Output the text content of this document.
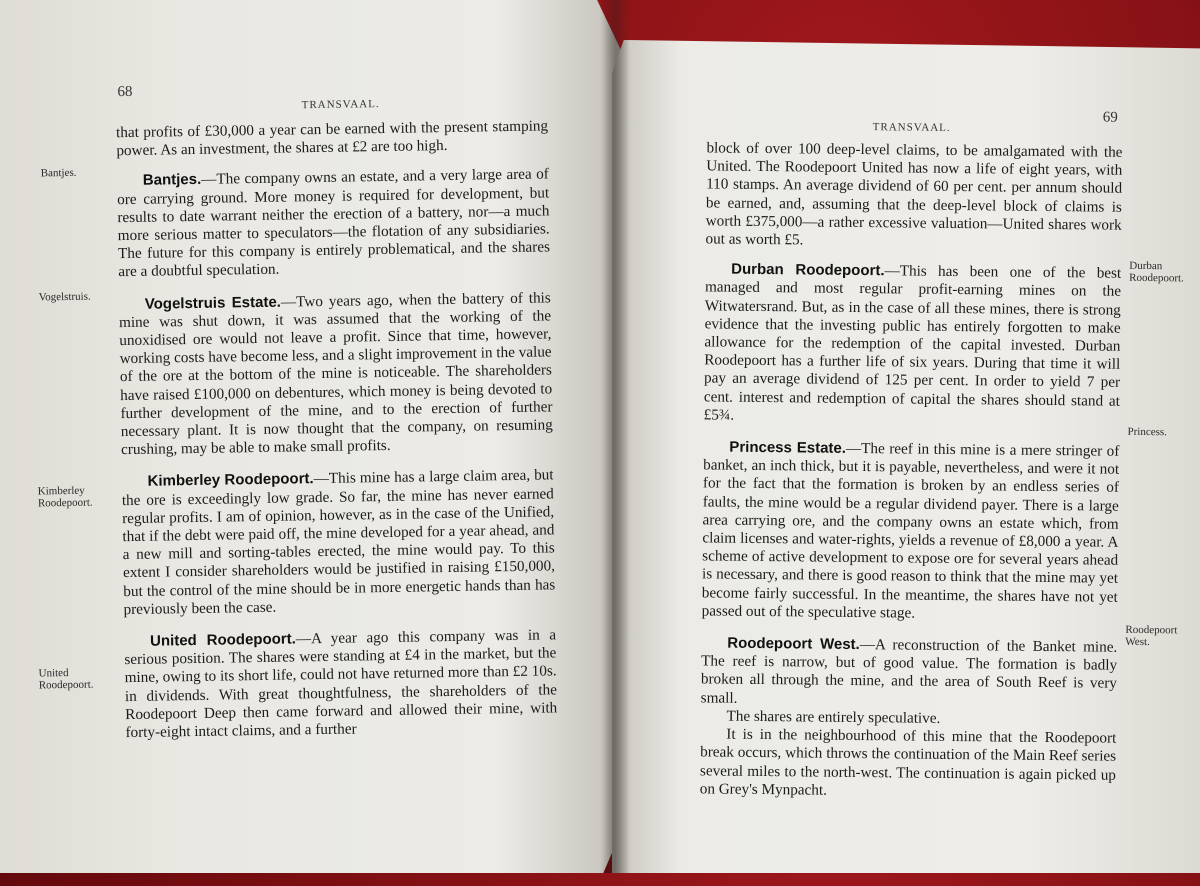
68
TRANSVAAL.
Bantjes.
Vogelstruis.
Kimberley Roodepoort.
United Roodepoort.

that profits of £30,000 a year can be earned with the present stamping power. As an investment, the shares at £2 are too high.

Bantjes.—The company owns an estate, and a very large area of ore carrying ground. More money is required for development, but results to date warrant neither the erection of a battery, nor—a much more serious matter to speculators—the flotation of any subsidiaries. The future for this company is entirely problematical, and the shares are a doubtful speculation.

Vogelstruis Estate.—Two years ago, when the battery of this mine was shut down, it was assumed that the working of the unoxidised ore would not leave a profit. Since that time, however, working costs have become less, and a slight improvement in the value of the ore at the bottom of the mine is noticeable. The shareholders have raised £100,000 on debentures, which money is being devoted to further development of the mine, and to the erection of further necessary plant. It is now thought that the company, on resuming crushing, may be able to make small profits.

Kimberley Roodepoort.—This mine has a large claim area, but the ore is exceedingly low grade. So far, the mine has never earned regular profits. I am of opinion, however, as in the case of the Unified, that if the debt were paid off, the mine developed for a year ahead, and a new mill and sorting-tables erected, the mine would pay. To this extent I consider shareholders would be justified in raising £150,000, but the control of the mine should be in more energetic hands than has previously been the case.

United Roodepoort.—A year ago this company was in a serious position. The shares were standing at £4 in the market, but the mine, owing to its short life, could not have returned more than £2 10s. in dividends. With great thoughtfulness, the shareholders of the Roodepoort Deep then came forward and allowed their mine, with forty-eight intact claims, and a further

69
TRANSVAAL.
Durban Roodepoort.
Princess.
Roodepoort West.

block of over 100 deep-level claims, to be amalgamated with the United. The Roodepoort United has now a life of eight years, with 110 stamps. An average dividend of 60 per cent. per annum should be earned, and, assuming that the deep-level block of claims is worth £375,000—a rather excessive valuation—United shares work out as worth £5.

Durban Roodepoort.—This has been one of the best managed and most regular profit-earning mines on the Witwatersrand. But, as in the case of all these mines, there is strong evidence that the investing public has entirely forgotten to make allowance for the redemption of the capital invested. Durban Roodepoort has a further life of six years. During that time it will pay an average dividend of 125 per cent. In order to yield 7 per cent. interest and redemption of capital the shares should stand at £5¾.

Princess Estate.—The reef in this mine is a mere stringer of banket, an inch thick, but it is payable, nevertheless, and were it not for the fact that the formation is broken by an endless series of faults, the mine would be a regular dividend payer. There is a large area carrying ore, and the company owns an estate which, from claim licenses and water-rights, yields a revenue of £8,000 a year. A scheme of active development to expose ore for several years ahead is necessary, and there is good reason to think that the mine may yet become fairly successful. In the meantime, the shares have not yet passed out of the speculative stage.

Roodepoort West.—A reconstruction of the Banket mine. The reef is narrow, but of good value. The formation is badly broken all through the mine, and the area of South Reef is very small.

The shares are entirely speculative.

It is in the neighbourhood of this mine that the Roodepoort break occurs, which throws the continuation of the Main Reef series several miles to the north-west. The continuation is again picked up on Grey's Mynpacht.
